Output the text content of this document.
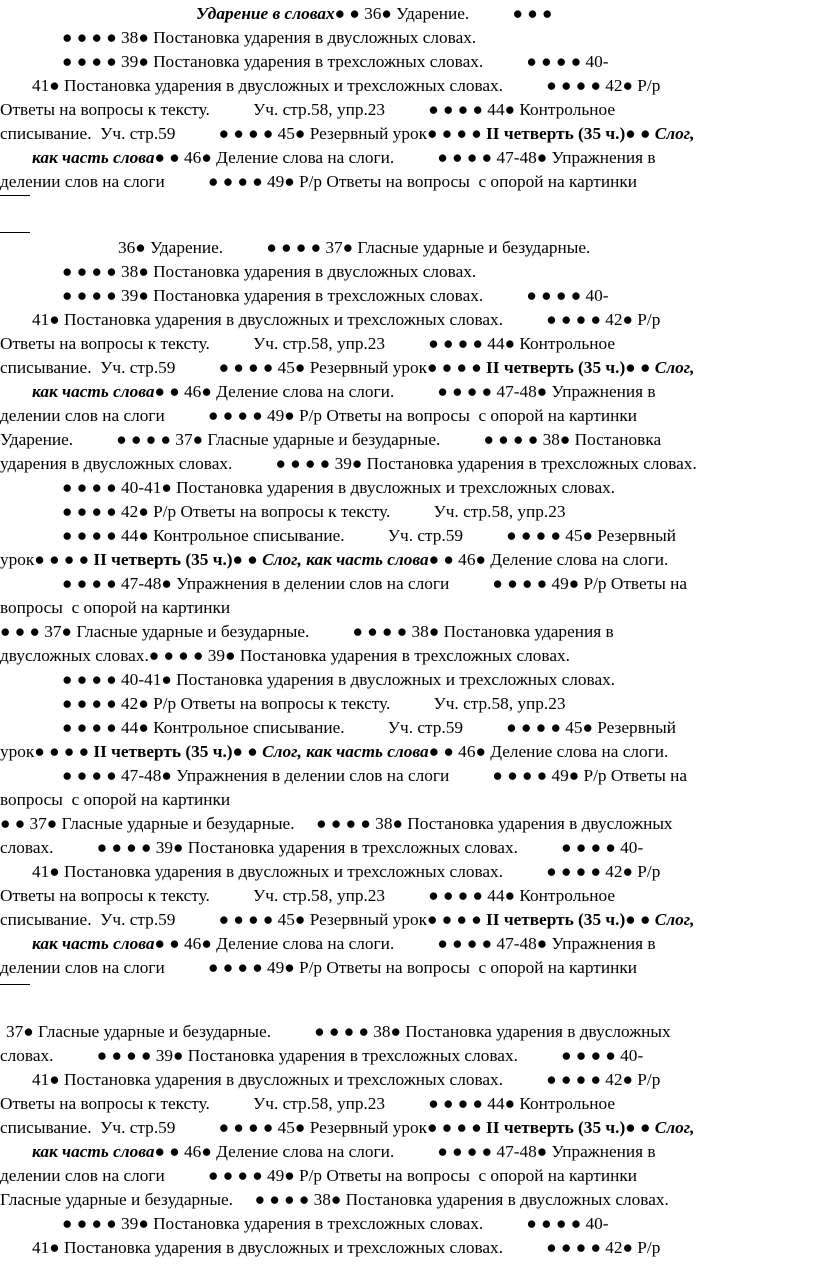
Ударение в словах● ● 36● Ударение.          ● ● ●
● ● ● ● 38● Постановка ударения в двусложных словах.
● ● ● ● 39● Постановка ударения в трехсложных словах.          ● ● ● ● 40-
41● Постановка ударения в двусложных и трехсложных словах.          ● ● ● ● 42● Р/р
Ответы на вопросы к тексту.          Уч. стр.58, упр.23          ● ● ● ● 44● Контрольное
списывание.  Уч. стр.59          ● ● ● ● 45● Резервный урок● ● ● ● II четверть (35 ч.)● ● Слог,
как часть слова● ● 46● Деление слова на слоги.          ● ● ● ● 47-48● Упражнения в
делении слов на слоги          ● ● ● ● 49● Р/р Ответы на вопросы  с опорой на картинки
36● Ударение.          ● ● ● ● 37● Гласные ударные и безударные.
● ● ● ● 38● Постановка ударения в двусложных словах.
● ● ● ● 39● Постановка ударения в трехсложных словах.          ● ● ● ● 40-
41● Постановка ударения в двусложных и трехсложных словах.          ● ● ● ● 42● Р/р
Ответы на вопросы к тексту.          Уч. стр.58, упр.23          ● ● ● ● 44● Контрольное
списывание.  Уч. стр.59          ● ● ● ● 45● Резервный урок● ● ● ● II четверть (35 ч.)● ● Слог,
как часть слова● ● 46● Деление слова на слоги.          ● ● ● ● 47-48● Упражнения в
делении слов на слоги          ● ● ● ● 49● Р/р Ответы на вопросы  с опорой на картинки
Ударение.          ● ● ● ● 37● Гласные ударные и безударные.          ● ● ● ● 38● Постановка
ударения в двусложных словах.          ● ● ● ● 39● Постановка ударения в трехсложных словах.
● ● ● ● 40-41● Постановка ударения в двусложных и трехсложных словах.
● ● ● ● 42● Р/р Ответы на вопросы к тексту.          Уч. стр.58, упр.23
● ● ● ● 44● Контрольное списывание.          Уч. стр.59          ● ● ● ● 45● Резервный
урок● ● ● ● II четверть (35 ч.)● ● Слог, как часть слова● ● 46● Деление слова на слоги.
● ● ● ● 47-48● Упражнения в делении слов на слоги          ● ● ● ● 49● Р/р Ответы на
вопросы  с опорой на картинки
● ● ● 37● Гласные ударные и безударные.          ● ● ● ● 38● Постановка ударения в
двусложных словах.● ● ● ● 39● Постановка ударения в трехсложных словах.
● ● ● ● 40-41● Постановка ударения в двусложных и трехсложных словах.
● ● ● ● 42● Р/р Ответы на вопросы к тексту.          Уч. стр.58, упр.23
● ● ● ● 44● Контрольное списывание.          Уч. стр.59          ● ● ● ● 45● Резервный
урок● ● ● ● II четверть (35 ч.)● ● Слог, как часть слова● ● 46● Деление слова на слоги.
● ● ● ● 47-48● Упражнения в делении слов на слоги          ● ● ● ● 49● Р/р Ответы на
вопросы  с опорой на картинки
● ● 37● Гласные ударные и безударные.     ● ● ● ● 38● Постановка ударения в двусложных
словах.          ● ● ● ● 39● Постановка ударения в трехсложных словах.          ● ● ● ● 40-
41● Постановка ударения в двусложных и трехсложных словах.          ● ● ● ● 42● Р/р
Ответы на вопросы к тексту.          Уч. стр.58, упр.23          ● ● ● ● 44● Контрольное
списывание.  Уч. стр.59          ● ● ● ● 45● Резервный урок● ● ● ● II четверть (35 ч.)● ● Слог,
как часть слова● ● 46● Деление слова на слоги.          ● ● ● ● 47-48● Упражнения в
делении слов на слоги          ● ● ● ● 49● Р/р Ответы на вопросы  с опорой на картинки
37● Гласные ударные и безударные.          ● ● ● ● 38● Постановка ударения в двусложных
словах.          ● ● ● ● 39● Постановка ударения в трехсложных словах.          ● ● ● ● 40-
41● Постановка ударения в двусложных и трехсложных словах.          ● ● ● ● 42● Р/р
Ответы на вопросы к тексту.          Уч. стр.58, упр.23          ● ● ● ● 44● Контрольное
списывание.  Уч. стр.59          ● ● ● ● 45● Резервный урок● ● ● ● II четверть (35 ч.)● ● Слог,
как часть слова● ● 46● Деление слова на слоги.          ● ● ● ● 47-48● Упражнения в
делении слов на слоги          ● ● ● ● 49● Р/р Ответы на вопросы  с опорой на картинки
Гласные ударные и безударные.     ● ● ● ● 38● Постановка ударения в двусложных словах.
● ● ● ● 39● Постановка ударения в трехсложных словах.          ● ● ● ● 40-
41● Постановка ударения в двусложных и трехсложных словах.          ● ● ● ● 42● Р/р
